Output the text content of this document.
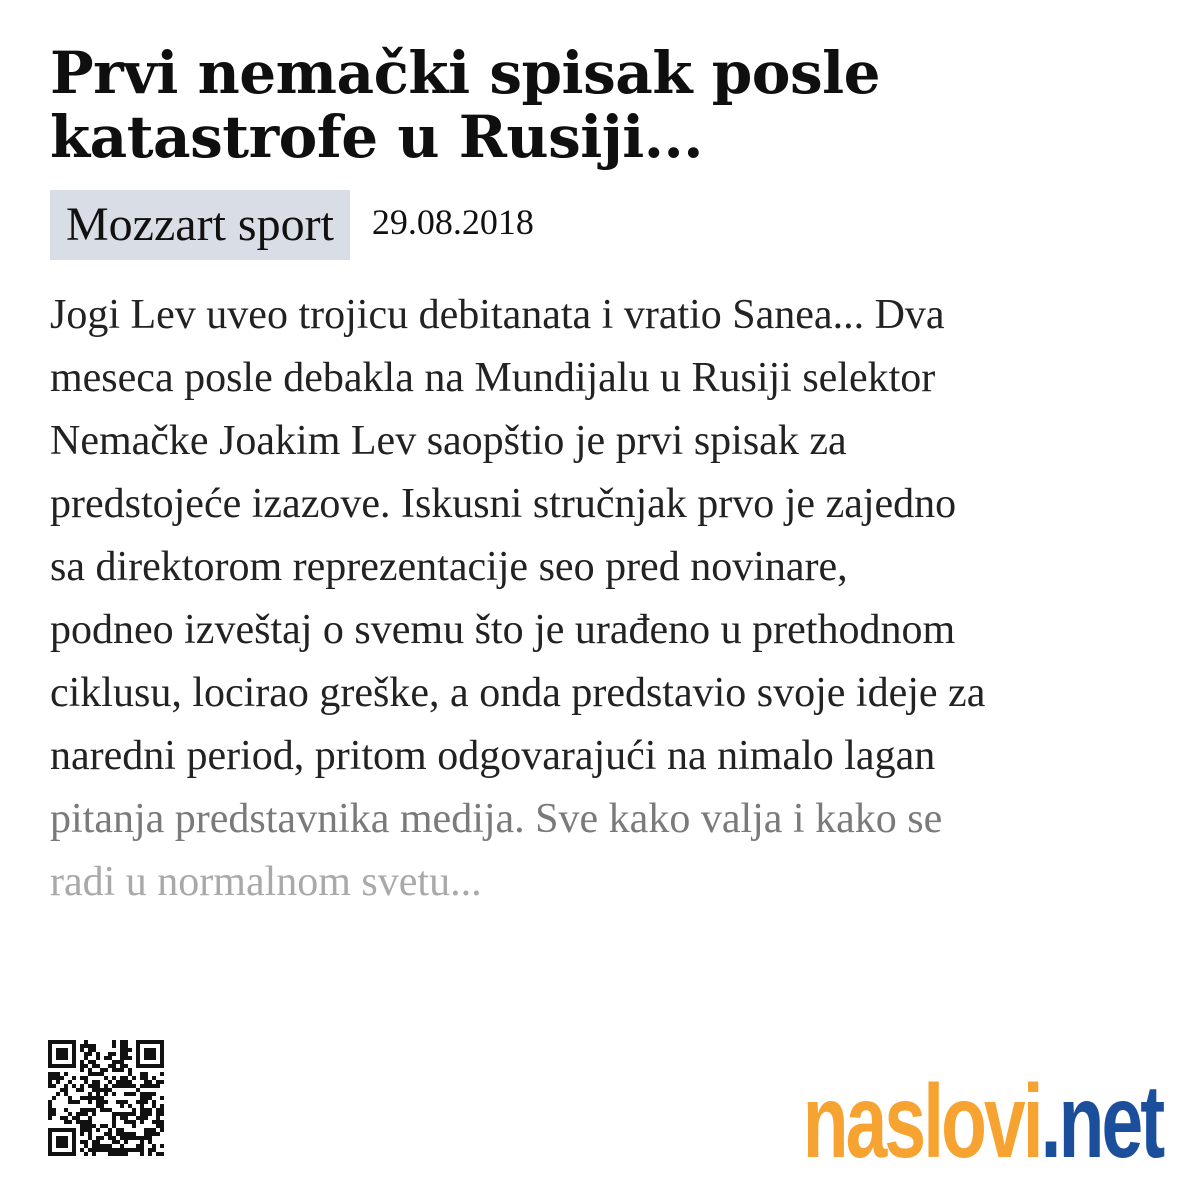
Prvi nemački spisak posle
katastrofe u Rusiji...
Mozzart sport	29.08.2018
Jogi Lev uveo trojicu debitanata i vratio Sanea... Dva
meseca posle debakla na Mundijalu u Rusiji selektor
Nemačke Joakim Lev saopštio je prvi spisak za
predstojeće izazove. Iskusni stručnjak prvo je zajedno
sa direktorom reprezentacije seo pred novinare,
podneo izveštaj o svemu što je urađeno u prethodnom
ciklusu, locirao greške, a onda predstavio svoje ideje za
naredni period, pritom odgovarajući na nimalo lagan
pitanja predstavnika medija. Sve kako valja i kako se
radi u normalnom svetu...
naslovi.net
